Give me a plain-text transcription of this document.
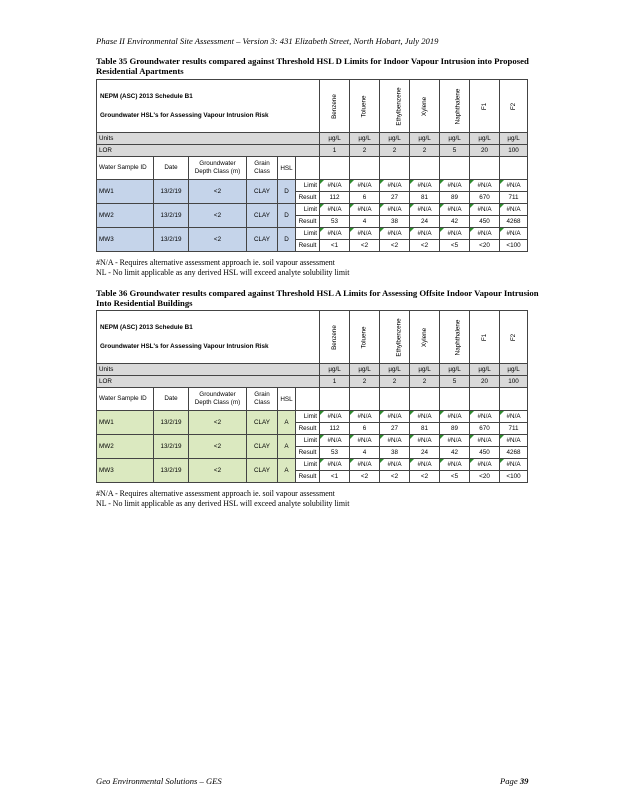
Phase II Environmental Site Assessment – Version 3: 431 Elizabeth Street, North Hobart, July 2019
Table 35 Groundwater results compared against Threshold HSL D Limits for Indoor Vapour Intrusion into Proposed Residential Apartments
NEPM (ASC) 2013 Schedule B1
Groundwater HSL's for Assessing Vapour Intrusion Risk						Benzene	Toluene	Ethylbenzene	Xylene	Naphthalene	F1	F2
Units						µg/L	µg/L	µg/L	µg/L	µg/L	µg/L	µg/L
LOR						1	2	2	2	5	20	100
Water Sample ID	Date	Groundwater Depth Class (m)	Grain Class	HSL								
MW1	13/2/19	<2	CLAY	D	Limit	#N/A	#N/A	#N/A	#N/A	#N/A	#N/A	#N/A
					Result	112	6	27	81	89	670	711
MW2	13/2/19	<2	CLAY	D	Limit	#N/A	#N/A	#N/A	#N/A	#N/A	#N/A	#N/A
					Result	53	4	38	24	42	450	4268
MW3	13/2/19	<2	CLAY	D	Limit	#N/A	#N/A	#N/A	#N/A	#N/A	#N/A	#N/A
					Result	<1	<2	<2	<2	<5	<20	<100
#N/A - Requires alternative assessment approach ie. soil vapour assessment
NL - No limit applicable as any derived HSL will exceed analyte solubility limit
Table 36 Groundwater results compared against Threshold HSL A Limits for Assessing Offsite Indoor Vapour Intrusion Into Residential Buildings
NEPM (ASC) 2013 Schedule B1
Groundwater HSL's for Assessing Vapour Intrusion Risk						Benzene	Toluene	Ethylbenzene	Xylene	Naphthalene	F1	F2
Units						µg/L	µg/L	µg/L	µg/L	µg/L	µg/L	µg/L
LOR						1	2	2	2	5	20	100
Water Sample ID	Date	Groundwater Depth Class (m)	Grain Class	HSL								
MW1	13/2/19	<2	CLAY	A	Limit	#N/A	#N/A	#N/A	#N/A	#N/A	#N/A	#N/A
					Result	112	6	27	81	89	670	711
MW2	13/2/19	<2	CLAY	A	Limit	#N/A	#N/A	#N/A	#N/A	#N/A	#N/A	#N/A
					Result	53	4	38	24	42	450	4268
MW3	13/2/19	<2	CLAY	A	Limit	#N/A	#N/A	#N/A	#N/A	#N/A	#N/A	#N/A
					Result	<1	<2	<2	<2	<5	<20	<100
#N/A - Requires alternative assessment approach ie. soil vapour assessment
NL - No limit applicable as any derived HSL will exceed analyte solubility limit
Geo Environmental Solutions – GES	Page 39
